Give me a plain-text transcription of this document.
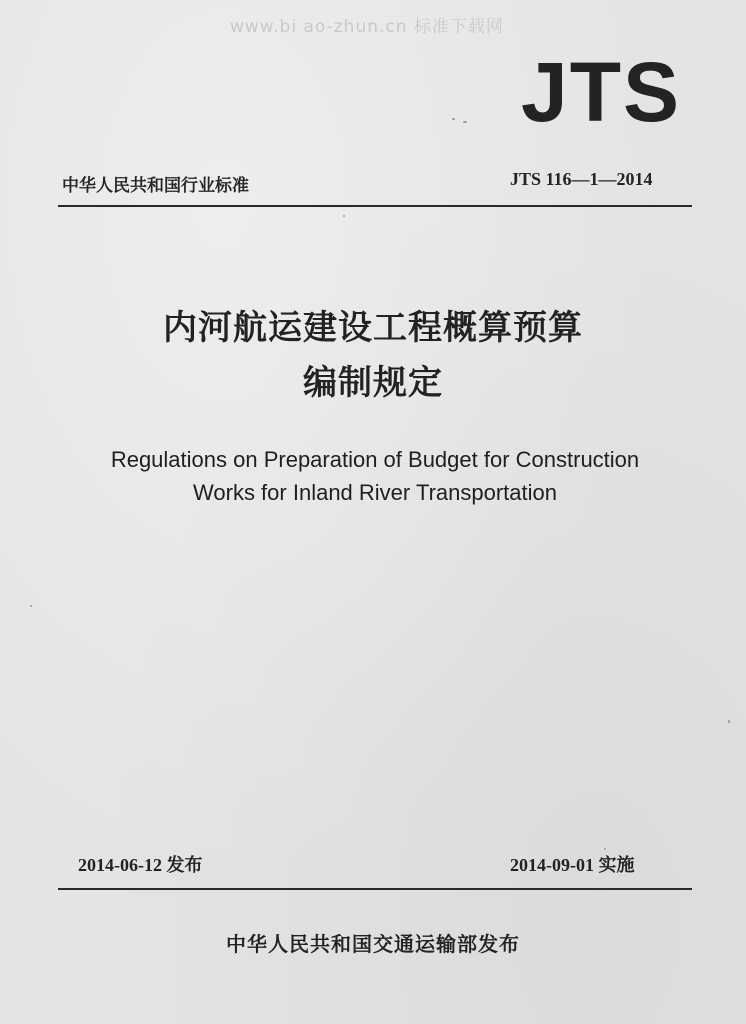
www.bi ao-zhun.cn 标准下载网
JTS
中华人民共和国行业标准	JTS 116—1—2014
内河航运建设工程概算预算
编制规定
Regulations on Preparation of Budget for Construction
Works for Inland River Transportation
2014-06-12 发布	2014-09-01 实施
中华人民共和国交通运输部发布
